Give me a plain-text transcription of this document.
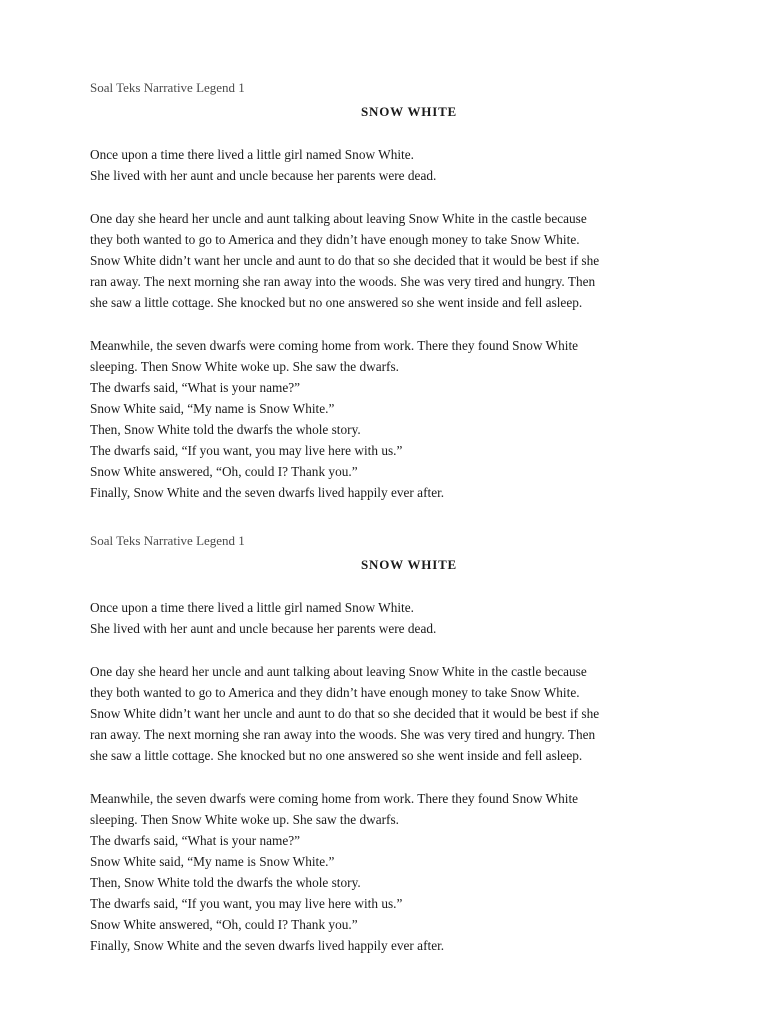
Soal Teks Narrative Legend 1
SNOW WHITE
Once upon a time there lived a little girl named Snow White.
She lived with her aunt and uncle because her parents were dead.
One day she heard her uncle and aunt talking about leaving Snow White in the castle because
they both wanted to go to America and they didn’t have enough money to take Snow White.
Snow White didn’t want her uncle and aunt to do that so she decided that it would be best if she
ran away. The next morning she ran away into the woods. She was very tired and hungry. Then
she saw a little cottage. She knocked but no one answered so she went inside and fell asleep.
Meanwhile, the seven dwarfs were coming home from work. There they found Snow White
sleeping. Then Snow White woke up. She saw the dwarfs.
The dwarfs said, “What is your name?”
Snow White said, “My name is Snow White.”
Then, Snow White told the dwarfs the whole story.
The dwarfs said, “If you want, you may live here with us.”
Snow White answered, “Oh, could I? Thank you.”
Finally, Snow White and the seven dwarfs lived happily ever after.
Soal Teks Narrative Legend 1
SNOW WHITE
Once upon a time there lived a little girl named Snow White.
She lived with her aunt and uncle because her parents were dead.
One day she heard her uncle and aunt talking about leaving Snow White in the castle because
they both wanted to go to America and they didn’t have enough money to take Snow White.
Snow White didn’t want her uncle and aunt to do that so she decided that it would be best if she
ran away. The next morning she ran away into the woods. She was very tired and hungry. Then
she saw a little cottage. She knocked but no one answered so she went inside and fell asleep.
Meanwhile, the seven dwarfs were coming home from work. There they found Snow White
sleeping. Then Snow White woke up. She saw the dwarfs.
The dwarfs said, “What is your name?”
Snow White said, “My name is Snow White.”
Then, Snow White told the dwarfs the whole story.
The dwarfs said, “If you want, you may live here with us.”
Snow White answered, “Oh, could I? Thank you.”
Finally, Snow White and the seven dwarfs lived happily ever after.
